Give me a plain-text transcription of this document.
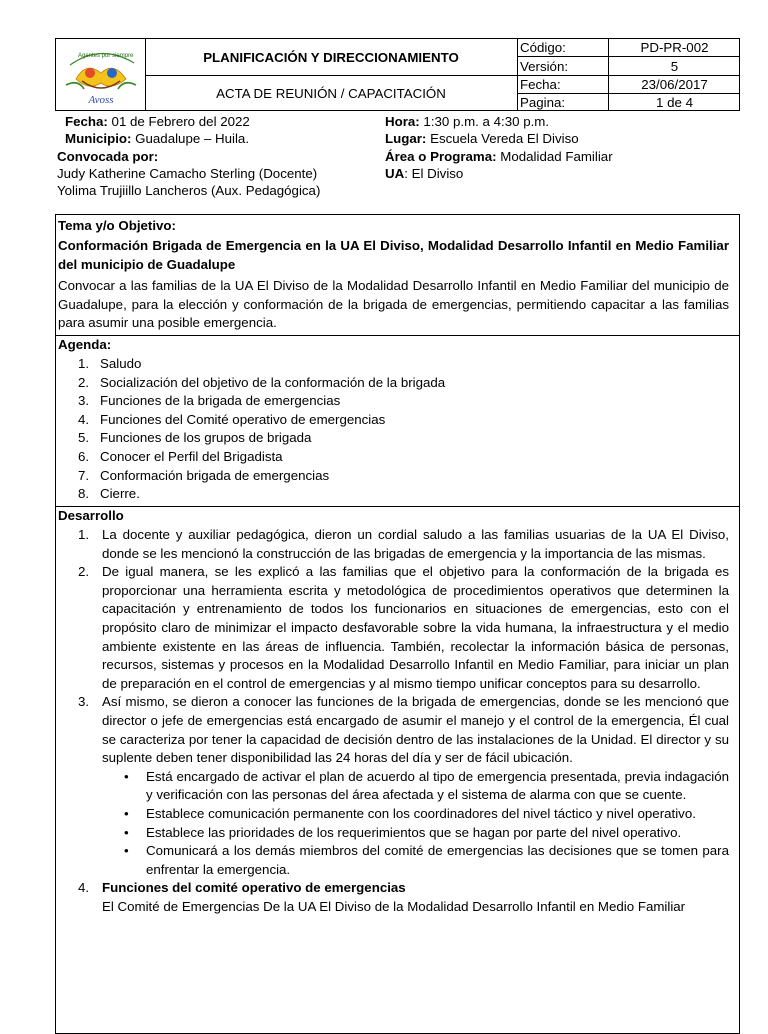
Agentes por siempre
Avoss
PLANIFICACIÓN Y DIRECCIONAMIENTO
ACTA DE REUNIÓN / CAPACITACIÓN
Código:	PD-PR-002
Versión:	5
Fecha:	23/06/2017
Pagina:	1 de 4
Fecha: 01 de Febrero del 2022
Municipio: Guadalupe – Huila.
Convocada por:
Judy Katherine Camacho Sterling (Docente)
Yolima Trujiillo Lancheros (Aux. Pedagógica)
Hora: 1:30 p.m. a 4:30 p.m.
Lugar: Escuela Vereda El Diviso
Área o Programa: Modalidad Familiar
UA: El Diviso
Tema y/o Objetivo:
Conformación Brigada de Emergencia en la UA El Diviso, Modalidad Desarrollo Infantil en Medio Familiar del municipio de Guadalupe
Convocar a las familias de la UA El Diviso de la Modalidad Desarrollo Infantil en Medio Familiar del municipio de Guadalupe, para la elección y conformación de la brigada de emergencias, permitiendo capacitar a las familias para asumir una posible emergencia.
Agenda:
1. Saludo
2. Socialización del objetivo de la conformación de la brigada
3. Funciones de la brigada de emergencias
4. Funciones del Comité operativo de emergencias
5. Funciones de los grupos de brigada
6. Conocer el Perfil del Brigadista
7. Conformación brigada de emergencias
8. Cierre.
Desarrollo
1. La docente y auxiliar pedagógica, dieron un cordial saludo a las familias usuarias de la UA El Diviso, donde se les mencionó la construcción de las brigadas de emergencia y la importancia de las mismas.
2. De igual manera, se les explicó a las familias que el objetivo para la conformación de la brigada es proporcionar una herramienta escrita y metodológica de procedimientos operativos que determinen la capacitación y entrenamiento de todos los funcionarios en situaciones de emergencias, esto con el propósito claro de minimizar el impacto desfavorable sobre la vida humana, la infraestructura y el medio ambiente existente en las áreas de influencia. También, recolectar la información básica de personas, recursos, sistemas y procesos en la Modalidad Desarrollo Infantil en Medio Familiar, para iniciar un plan de preparación en el control de emergencias y al mismo tiempo unificar conceptos para su desarrollo.
3. Así mismo, se dieron a conocer las funciones de la brigada de emergencias, donde se les mencionó que director o jefe de emergencias está encargado de asumir el manejo y el control de la emergencia, Él cual se caracteriza por tener la capacidad de decisión dentro de las instalaciones de la Unidad. El director y su suplente deben tener disponibilidad las 24 horas del día y ser de fácil ubicación.
• Está encargado de activar el plan de acuerdo al tipo de emergencia presentada, previa indagación y verificación con las personas del área afectada y el sistema de alarma con que se cuente.
• Establece comunicación permanente con los coordinadores del nivel táctico y nivel operativo.
• Establece las prioridades de los requerimientos que se hagan por parte del nivel operativo.
• Comunicará a los demás miembros del comité de emergencias las decisiones que se tomen para enfrentar la emergencia.
4. Funciones del comité operativo de emergencias
El Comité de Emergencias De la UA El Diviso de la Modalidad Desarrollo Infantil en Medio Familiar
